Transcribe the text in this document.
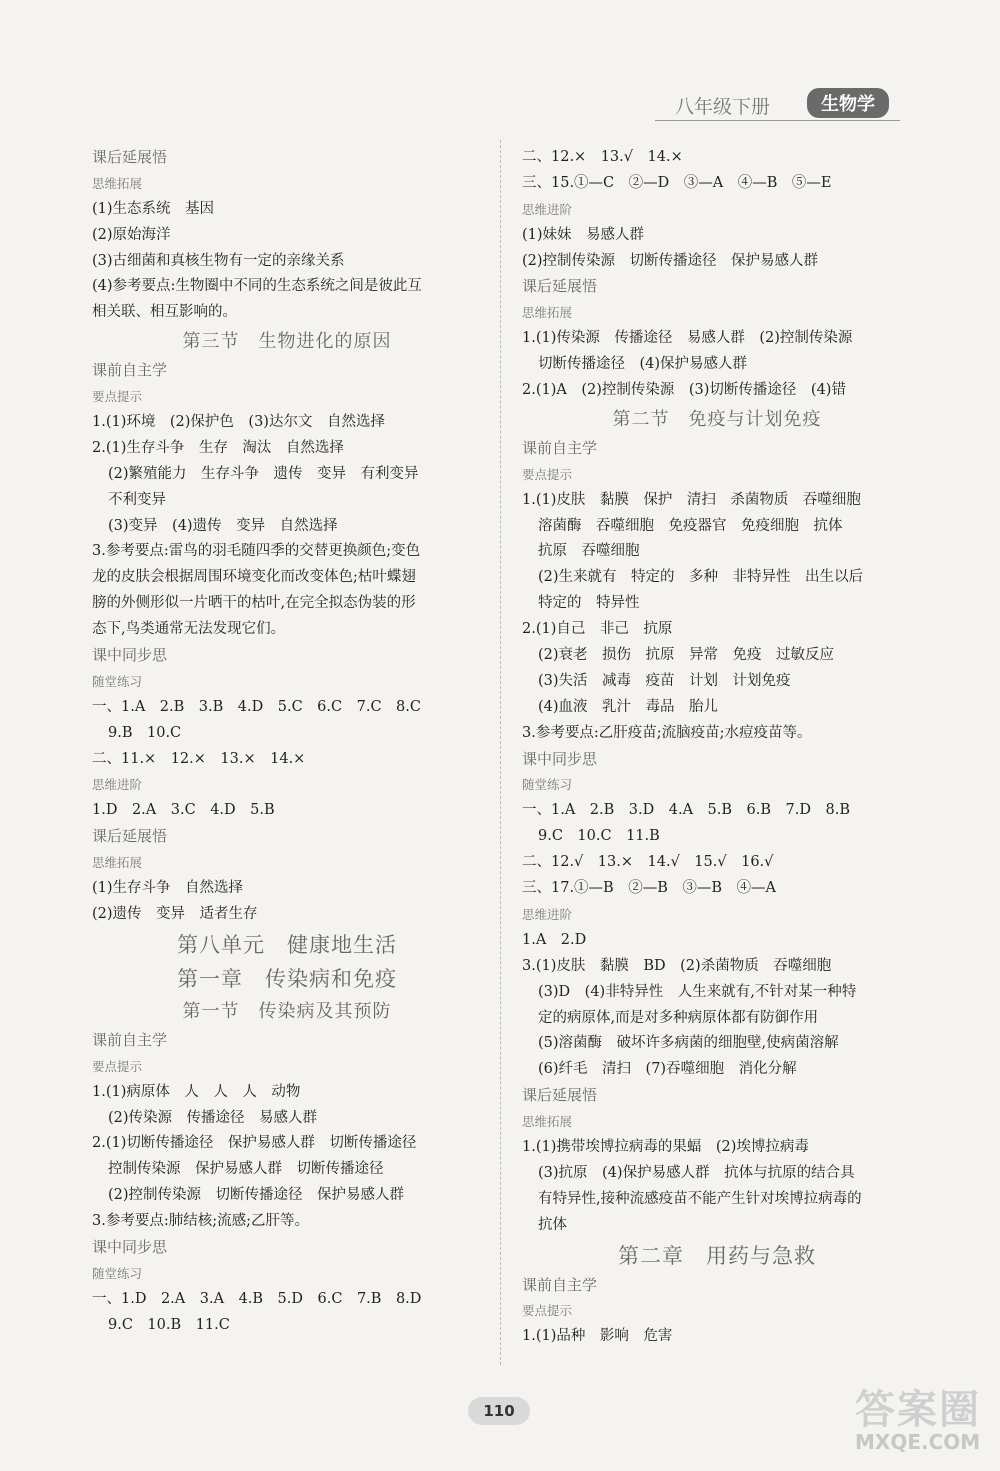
八年级下册	生物学
课后延展悟
思维拓展
(1)生态系统　基因
(2)原始海洋
(3)古细菌和真核生物有一定的亲缘关系
(4)参考要点:生物圈中不同的生态系统之间是彼此互
相关联、相互影响的。
第三节　生物进化的原因
课前自主学
要点提示
1.(1)环境　(2)保护色　(3)达尔文　自然选择
2.(1)生存斗争　生存　淘汰　自然选择
(2)繁殖能力　生存斗争　遗传　变异　有利变异
不利变异
(3)变异　(4)遗传　变异　自然选择
3.参考要点:雷鸟的羽毛随四季的交替更换颜色;变色
龙的皮肤会根据周围环境变化而改变体色;枯叶蝶翅
膀的外侧形似一片晒干的枯叶,在完全拟态伪装的形
态下,鸟类通常无法发现它们。
课中同步思
随堂练习
一、1.A　2.B　3.B　4.D　5.C　6.C　7.C　8.C
9.B　10.C
二、11.×　12.×　13.×　14.×
思维进阶
1.D　2.A　3.C　4.D　5.B
课后延展悟
思维拓展
(1)生存斗争　自然选择
(2)遗传　变异　适者生存
第八单元　健康地生活
第一章　传染病和免疫
第一节　传染病及其预防
课前自主学
要点提示
1.(1)病原体　人　人　人　动物
(2)传染源　传播途径　易感人群
2.(1)切断传播途径　保护易感人群　切断传播途径
控制传染源　保护易感人群　切断传播途径
(2)控制传染源　切断传播途径　保护易感人群
3.参考要点:肺结核;流感;乙肝等。
课中同步思
随堂练习
一、1.D　2.A　3.A　4.B　5.D　6.C　7.B　8.D
9.C　10.B　11.C
二、12.×　13.√　14.×
三、15.①—C　②—D　③—A　④—B　⑤—E
思维进阶
(1)妹妹　易感人群
(2)控制传染源　切断传播途径　保护易感人群
课后延展悟
思维拓展
1.(1)传染源　传播途径　易感人群　(2)控制传染源
切断传播途径　(4)保护易感人群
2.(1)A　(2)控制传染源　(3)切断传播途径　(4)错
第二节　免疫与计划免疫
课前自主学
要点提示
1.(1)皮肤　黏膜　保护　清扫　杀菌物质　吞噬细胞
溶菌酶　吞噬细胞　免疫器官　免疫细胞　抗体
抗原　吞噬细胞
(2)生来就有　特定的　多种　非特异性　出生以后
特定的　特异性
2.(1)自己　非己　抗原
(2)衰老　损伤　抗原　异常　免疫　过敏反应
(3)失活　减毒　疫苗　计划　计划免疫
(4)血液　乳汁　毒品　胎儿
3.参考要点:乙肝疫苗;流脑疫苗;水痘疫苗等。
课中同步思
随堂练习
一、1.A　2.B　3.D　4.A　5.B　6.B　7.D　8.B
9.C　10.C　11.B
二、12.√　13.×　14.√　15.√　16.√
三、17.①—B　②—B　③—B　④—A
思维进阶
1.A　2.D
3.(1)皮肤　黏膜　BD　(2)杀菌物质　吞噬细胞
(3)D　(4)非特异性　人生来就有,不针对某一种特
定的病原体,而是对多种病原体都有防御作用
(5)溶菌酶　破坏许多病菌的细胞壁,使病菌溶解
(6)纤毛　清扫　(7)吞噬细胞　消化分解
课后延展悟
思维拓展
1.(1)携带埃博拉病毒的果蝠　(2)埃博拉病毒
(3)抗原　(4)保护易感人群　抗体与抗原的结合具
有特异性,接种流感疫苗不能产生针对埃博拉病毒的
抗体
第二章　用药与急救
课前自主学
要点提示
1.(1)品种　影响　危害
110	答案圈
MXQE.COM
